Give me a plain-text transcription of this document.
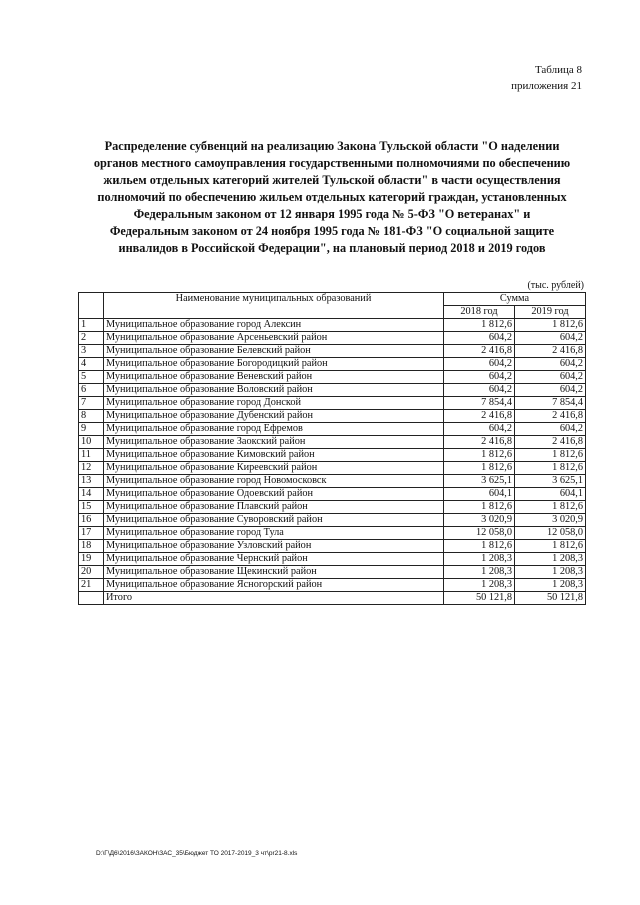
Таблица 8
приложения 21
Распределение субвенций на реализацию Закона Тульской области "О наделении
органов местного самоуправления государственными полномочиями по обеспечению
жильем отдельных категорий жителей Тульской области" в части осуществления
полномочий по обеспечению жильем отдельных категорий граждан, установленных
Федеральным законом от 12 января 1995 года № 5-ФЗ "О ветеранах" и
Федеральным законом от 24 ноября 1995 года № 181-ФЗ "О социальной защите
инвалидов в Российской Федерации", на плановый период 2018 и 2019 годов
(тыс. рублей)
	Наименование муниципальных образований	Сумма	
		2018 год	2019 год
1	Муниципальное образование город Алексин	1 812,6	1 812,6
2	Муниципальное образование Арсеньевский район	604,2	604,2
3	Муниципальное образование Белевский район	2 416,8	2 416,8
4	Муниципальное образование Богородицкий район	604,2	604,2
5	Муниципальное образование Веневский район	604,2	604,2
6	Муниципальное образование Воловский район	604,2	604,2
7	Муниципальное образование город Донской	7 854,4	7 854,4
8	Муниципальное образование Дубенский район	2 416,8	2 416,8
9	Муниципальное образование город Ефремов	604,2	604,2
10	Муниципальное образование Заокский район	2 416,8	2 416,8
11	Муниципальное образование Кимовский район	1 812,6	1 812,6
12	Муниципальное образование Киреевский район	1 812,6	1 812,6
13	Муниципальное образование город Новомосковск	3 625,1	3 625,1
14	Муниципальное образование Одоевский район	604,1	604,1
15	Муниципальное образование Плавский район	1 812,6	1 812,6
16	Муниципальное образование Суворовский район	3 020,9	3 020,9
17	Муниципальное образование город Тула	12 058,0	12 058,0
18	Муниципальное образование Узловский район	1 812,6	1 812,6
19	Муниципальное образование Чернский район	1 208,3	1 208,3
20	Муниципальное образование Щекинский район	1 208,3	1 208,3
21	Муниципальное образование Ясногорский район	1 208,3	1 208,3
	Итого	50 121,8	50 121,8
D:\Г\Д6\2016\ЗАКОН\ЗАС_35\Бюджет ТО 2017-2019_3 чт\pr21-8.xls
